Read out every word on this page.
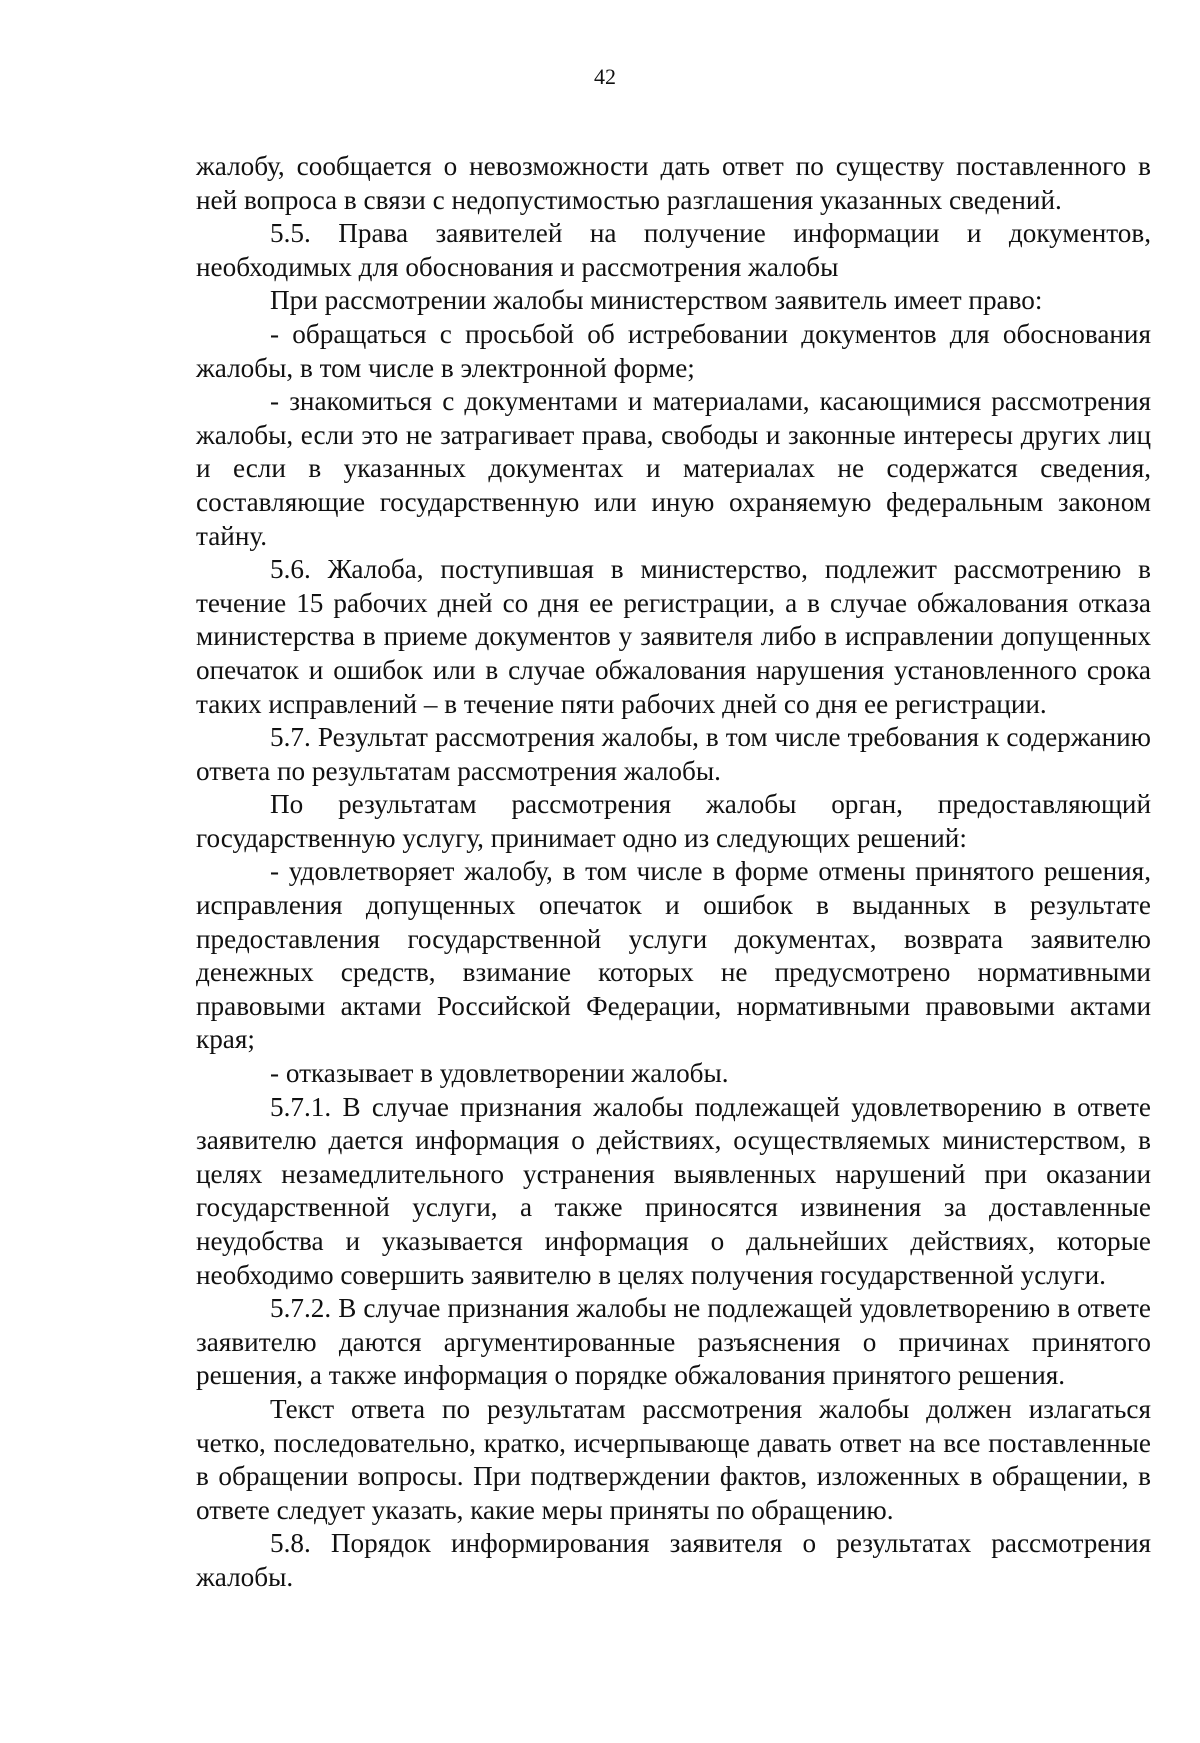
42

жалобу, сообщается о невозможности дать ответ по существу поставленного в ней вопроса в связи с недопустимостью разглашения указанных сведений.

5.5. Права заявителей на получение информации и документов, необходимых для обоснования и рассмотрения жалобы

При рассмотрении жалобы министерством заявитель имеет право:

- обращаться с просьбой об истребовании документов для обоснования жалобы, в том числе в электронной форме;

- знакомиться с документами и материалами, касающимися рассмотрения жалобы, если это не затрагивает права, свободы и законные интересы других лиц и если в указанных документах и материалах не содержатся сведения, составляющие государственную или иную охраняемую федеральным законом тайну.

5.6. Жалоба, поступившая в министерство, подлежит рассмотрению в течение 15 рабочих дней со дня ее регистрации, а в случае обжалования отказа министерства в приеме документов у заявителя либо в исправлении допущенных опечаток и ошибок или в случае обжалования нарушения установленного срока таких исправлений – в течение пяти рабочих дней со дня ее регистрации.

5.7. Результат рассмотрения жалобы, в том числе требования к содержанию ответа по результатам рассмотрения жалобы.

По результатам рассмотрения жалобы орган, предоставляющий государственную услугу, принимает одно из следующих решений:

- удовлетворяет жалобу, в том числе в форме отмены принятого решения, исправления допущенных опечаток и ошибок в выданных в результате предоставления государственной услуги документах, возврата заявителю денежных средств, взимание которых не предусмотрено нормативными правовыми актами Российской Федерации, нормативными правовыми актами края;

- отказывает в удовлетворении жалобы.

5.7.1. В случае признания жалобы подлежащей удовлетворению в ответе заявителю дается информация о действиях, осуществляемых министерством, в целях незамедлительного устранения выявленных нарушений при оказании государственной услуги, а также приносятся извинения за доставленные неудобства и указывается информация о дальнейших действиях, которые необходимо совершить заявителю в целях получения государственной услуги.

5.7.2. В случае признания жалобы не подлежащей удовлетворению в ответе заявителю даются аргументированные разъяснения о причинах принятого решения, а также информация о порядке обжалования принятого решения.

Текст ответа по результатам рассмотрения жалобы должен излагаться четко, последовательно, кратко, исчерпывающе давать ответ на все поставленные в обращении вопросы. При подтверждении фактов, изложенных в обращении, в ответе следует указать, какие меры приняты по обращению.

5.8. Порядок информирования заявителя о результатах рассмотрения жалобы.
